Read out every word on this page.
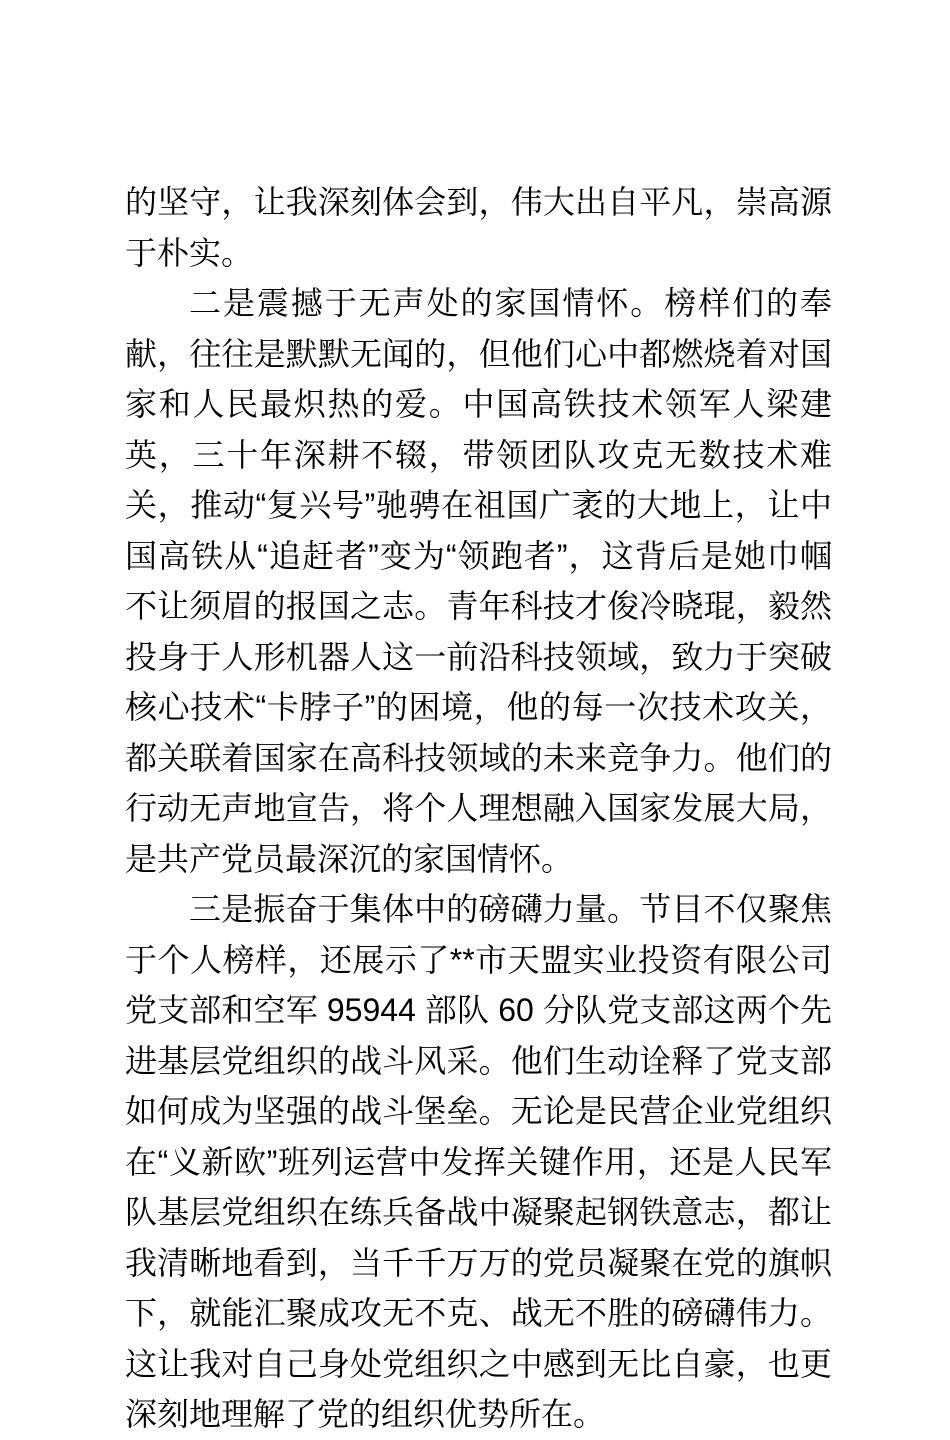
的坚守，让我深刻体会到，伟大出自平凡，崇高源于朴实。

二是震撼于无声处的家国情怀。榜样们的奉献，往往是默默无闻的，但他们心中都燃烧着对国家和人民最炽热的爱。中国高铁技术领军人梁建英，三十年深耕不辍，带领团队攻克无数技术难关，推动“复兴号”驰骋在祖国广袤的大地上，让中国高铁从“追赶者”变为“领跑者”，这背后是她巾帼不让须眉的报国之志。青年科技才俊冷晓琨，毅然投身于人形机器人这一前沿科技领域，致力于突破核心技术“卡脖子”的困境，他的每一次技术攻关，都关联着国家在高科技领域的未来竞争力。他们的行动无声地宣告，将个人理想融入国家发展大局，是共产党员最深沉的家国情怀。

三是振奋于集体中的磅礴力量。节目不仅聚焦于个人榜样，还展示了**市天盟实业投资有限公司党支部和空军 95944 部队 60 分队党支部这两个先进基层党组织的战斗风采。他们生动诠释了党支部如何成为坚强的战斗堡垒。无论是民营企业党组织在“义新欧”班列运营中发挥关键作用，还是人民军队基层党组织在练兵备战中凝聚起钢铁意志，都让我清晰地看到，当千千万万的党员凝聚在党的旗帜下，就能汇聚成攻无不克、战无不胜的磅礴伟力。这让我对自己身处党组织之中感到无比自豪，也更深刻地理解了党的组织优势所在。
